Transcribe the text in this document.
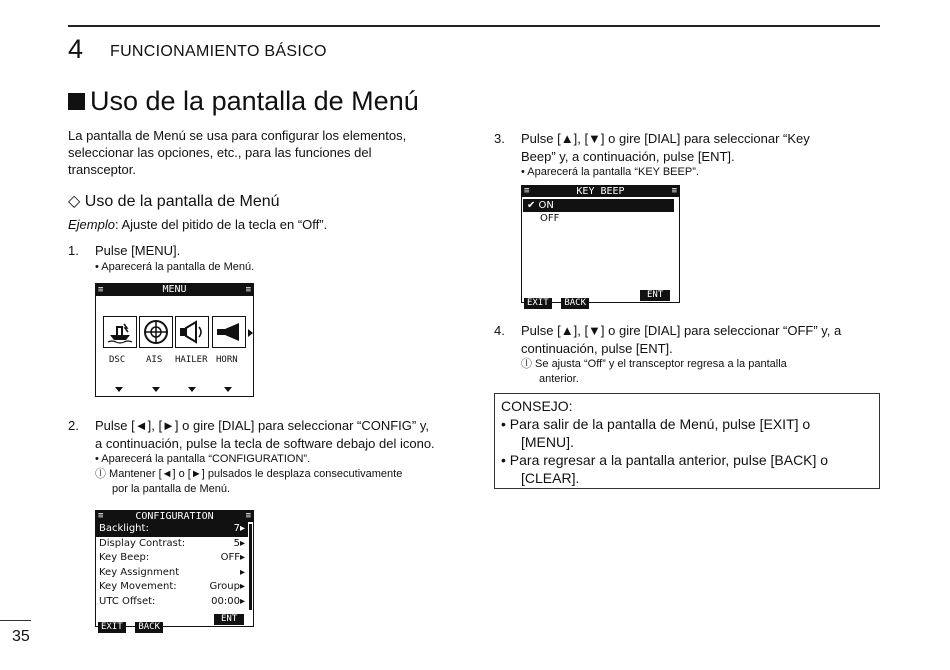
4 FUNCIONAMIENTO BÁSICO
Uso de la pantalla de Menú
La pantalla de Menú se usa para configurar los elementos,
seleccionar las opciones, etc., para las funciones del
transceptor.
◇ Uso de la pantalla de Menú
Ejemplo: Ajuste del pitido de la tecla en “Off”.
1. Pulse [MENU].
• Aparecerá la pantalla de Menú.
≡	MENU	≡
DSC AIS HAILER HORN
2. Pulse [◄], [►] o gire [DIAL] para seleccionar “CONFIG” y,
a continuación, pulse la tecla de software debajo del icono.
• Aparecerá la pantalla “CONFIGURATION”.
ⓛ Mantener [◄] o [►] pulsados le desplaza consecutivamente
por la pantalla de Menú.
≡	CONFIGURATION	≡
Backlight:	7▸
Display Contrast:	5▸
Key Beep:	OFF▸
Key Assignment	▸
Key Movement:	Group▸
UTC Offset:	00:00▸
EXIT BACK
ENT
3. Pulse [▲], [▼] o gire [DIAL] para seleccionar “Key
Beep” y, a continuación, pulse [ENT].
• Aparecerá la pantalla “KEY BEEP”.
≡	KEY BEEP	≡
✔ ON
OFF
EXIT BACK
ENT
4. Pulse [▲], [▼] o gire [DIAL] para seleccionar “OFF” y, a
continuación, pulse [ENT].
ⓛ Se ajusta “Off” y el transceptor regresa a la pantalla
anterior.
CONSEJO:
• Para salir de la pantalla de Menú, pulse [EXIT] o
[MENU].
• Para regresar a la pantalla anterior, pulse [BACK] o
[CLEAR].
35
